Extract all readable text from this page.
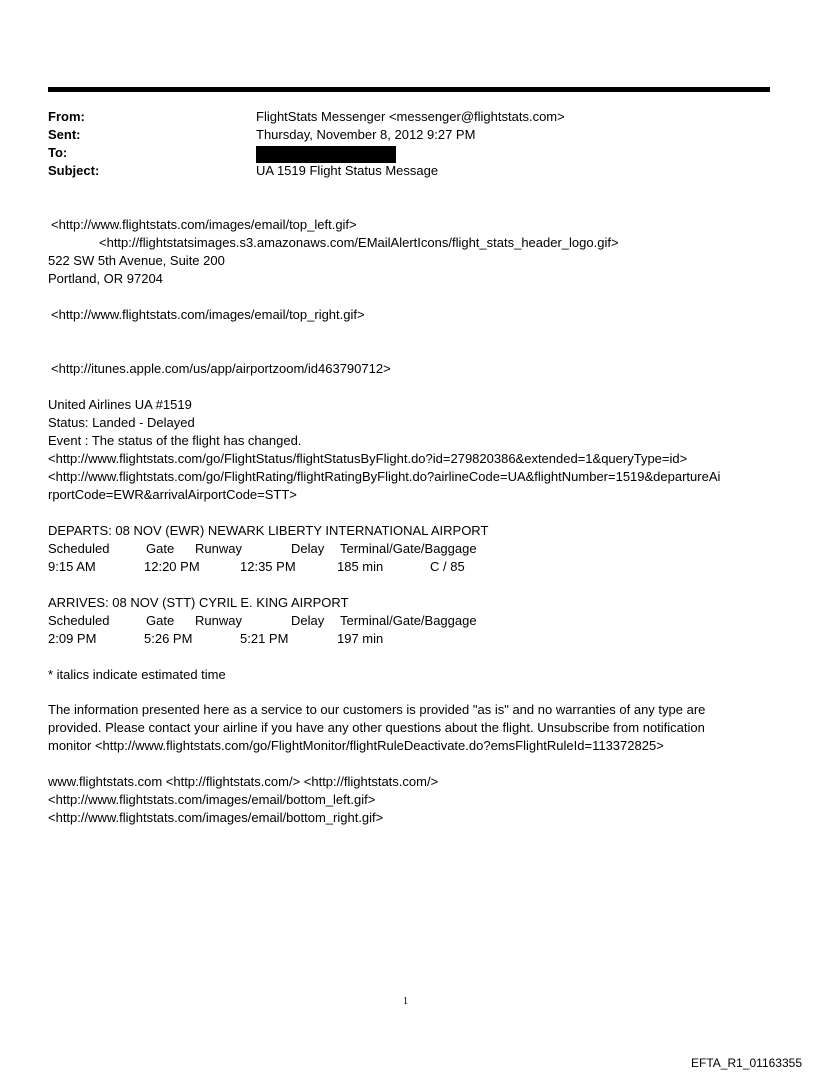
From:	FlightStats Messenger <messenger@flightstats.com>
Sent:	Thursday, November 8, 2012 9:27 PM
To:
Subject:	UA 1519 Flight Status Message
<http://www.flightstats.com/images/email/top_left.gif>
<http://flightstatsimages.s3.amazonaws.com/EMailAlertIcons/flight_stats_header_logo.gif>
522 SW 5th Avenue, Suite 200
Portland, OR 97204
<http://www.flightstats.com/images/email/top_right.gif>
<http://itunes.apple.com/us/app/airportzoom/id463790712>
United Airlines UA #1519
Status: Landed - Delayed
Event : The status of the flight has changed.
<http://www.flightstats.com/go/FlightStatus/flightStatusByFlight.do?id=279820386&extended=1&queryType=id>
<http://www.flightstats.com/go/FlightRating/flightRatingByFlight.do?airlineCode=UA&flightNumber=1519&departureAi
rportCode=EWR&arrivalAirportCode=STT>
DEPARTS: 08 NOV (EWR) NEWARK LIBERTY INTERNATIONAL AIRPORT
Scheduled	Gate Runway	Delay Terminal/Gate/Baggage
9:15 AM	12:20 PM	12:35 PM	185 min	C / 85
ARRIVES: 08 NOV (STT) CYRIL E. KING AIRPORT
Scheduled	Gate Runway	Delay Terminal/Gate/Baggage
2:09 PM	5:26 PM	5:21 PM	197 min
* italics indicate estimated time
The information presented here as a service to our customers is provided "as is" and no warranties of any type are
provided. Please contact your airline if you have any other questions about the flight. Unsubscribe from notification
monitor <http://www.flightstats.com/go/FlightMonitor/flightRuleDeactivate.do?emsFlightRuleId=113372825>
www.flightstats.com <http://flightstats.com/> <http://flightstats.com/>
<http://www.flightstats.com/images/email/bottom_left.gif>
<http://www.flightstats.com/images/email/bottom_right.gif>
1
EFTA_R1_01163355
